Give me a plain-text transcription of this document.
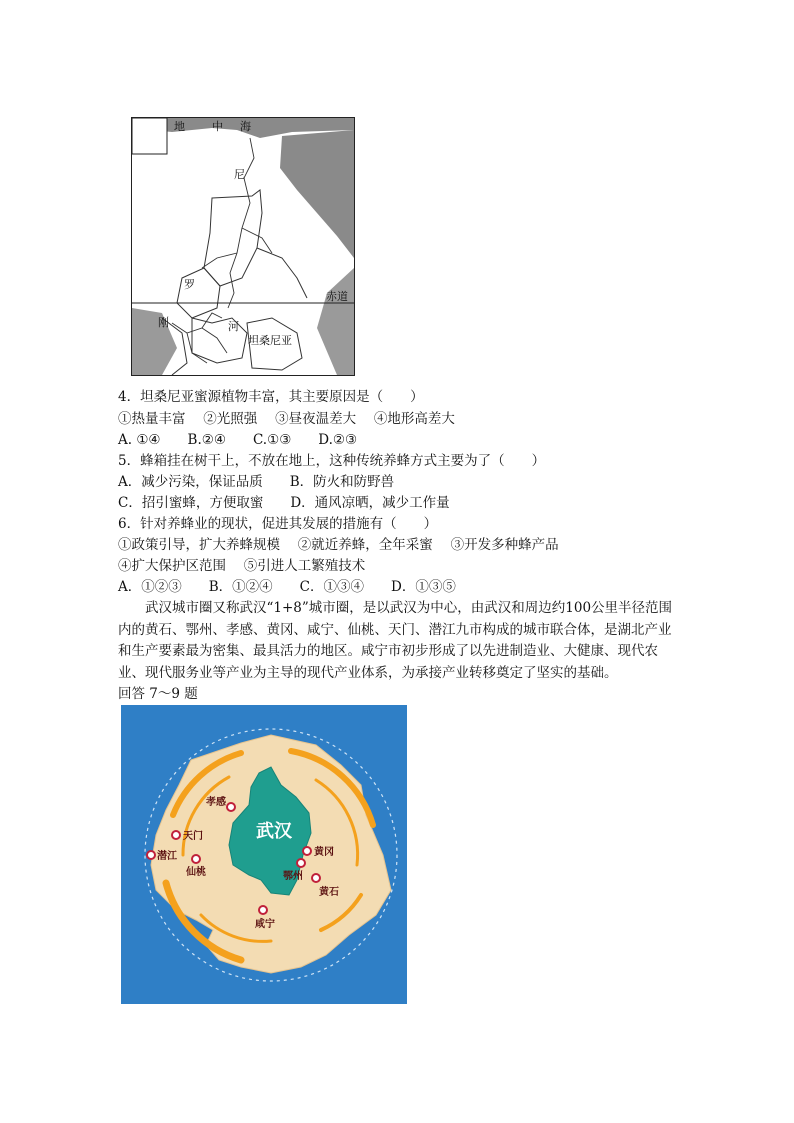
地 中 海
尼
罗
刚	河
坦桑尼亚
赤道
4．坦桑尼亚蜜源植物丰富，其主要原因是（　　）
①热量丰富　 ②光照强　 ③昼夜温差大　 ④地形高差大
A. ①④　　B.②④　　C.①③　　D.②③
5．蜂箱挂在树干上，不放在地上，这种传统养蜂方式主要为了（　　）
A．减少污染，保证品质　　B．防火和防野兽
C．招引蜜蜂，方便取蜜　　D．通风凉晒，减少工作量
6．针对养蜂业的现状，促进其发展的措施有（　　）
①政策引导，扩大养蜂规模　 ②就近养蜂，全年采蜜　 ③开发多种蜂产品
④扩大保护区范围　 ⑤引进人工繁殖技术
A．①②③　　B．①②④　　C．①③④　　D．①③⑤

武汉城市圈又称武汉“1+8”城市圈，是以武汉为中心，由武汉和周边约100公里半径范围内的黄石、鄂州、孝感、黄冈、咸宁、仙桃、天门、潜江九市构成的城市联合体，是湖北产业和生产要素最为密集、最具活力的地区。咸宁市初步形成了以先进制造业、大健康、现代农业、现代服务业等产业为主导的现代产业体系，为承接产业转移奠定了坚实的基础。

回答 7～9 题

武汉
孝感
天门
潜江
仙桃
黄冈
鄂州
黄石
咸宁
